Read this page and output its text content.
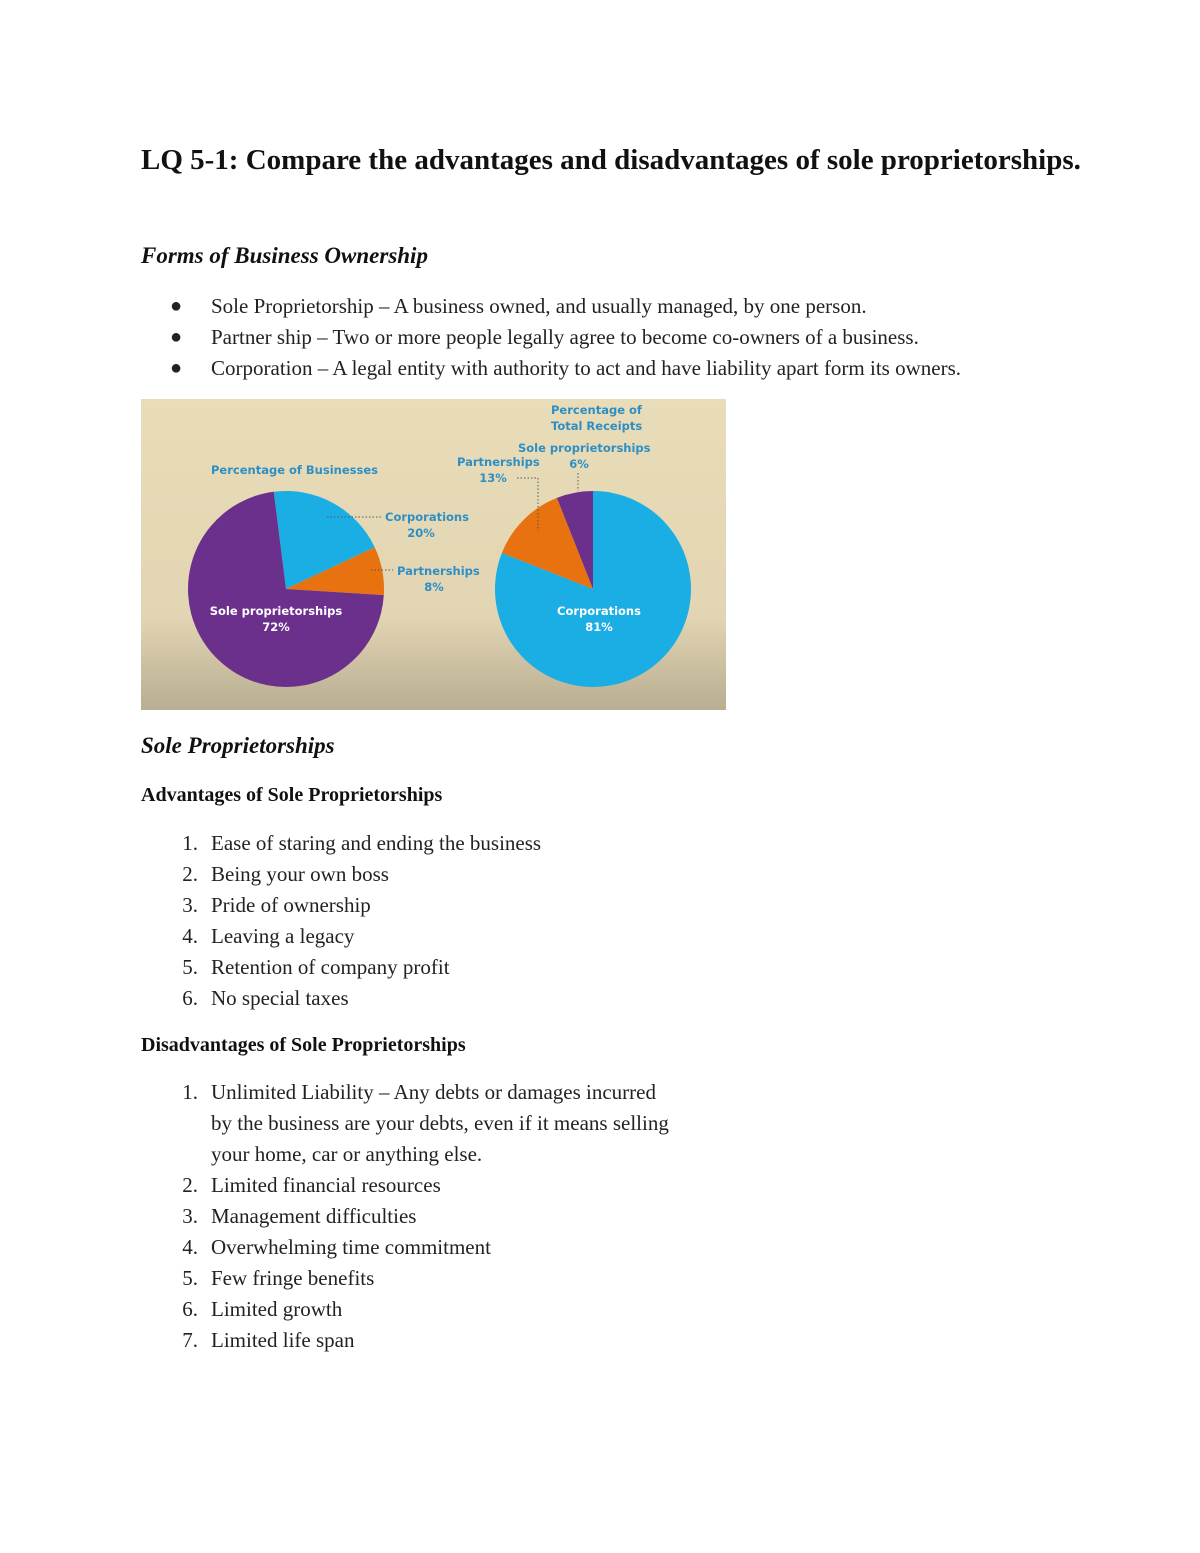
LQ 5-1: Compare the advantages and disadvantages of sole proprietorships.
Forms of Business Ownership
●	Sole Proprietorship – A business owned, and usually managed, by one person.
●	Partner ship – Two or more people legally agree to become co-owners of a business.
●	Corporation – A legal entity with authority to act and have liability apart form its owners.
Percentage of Businesses
Corporations
20%
Partnerships
8%
Sole proprietorships
72%
Percentage of
Total Receipts
Sole proprietorships
6%
Partnerships
13%
Corporations
81%
Sole Proprietorships
Advantages of Sole Proprietorships
1. Ease of staring and ending the business
2. Being your own boss
3. Pride of ownership
4. Leaving a legacy
5. Retention of company profit
6. No special taxes
Disadvantages of Sole Proprietorships
1. Unlimited Liability – Any debts or damages incurred by the business are your debts, even if it means selling your home, car or anything else.
2. Limited financial resources
3. Management difficulties
4. Overwhelming time commitment
5. Few fringe benefits
6. Limited growth
7. Limited life span
